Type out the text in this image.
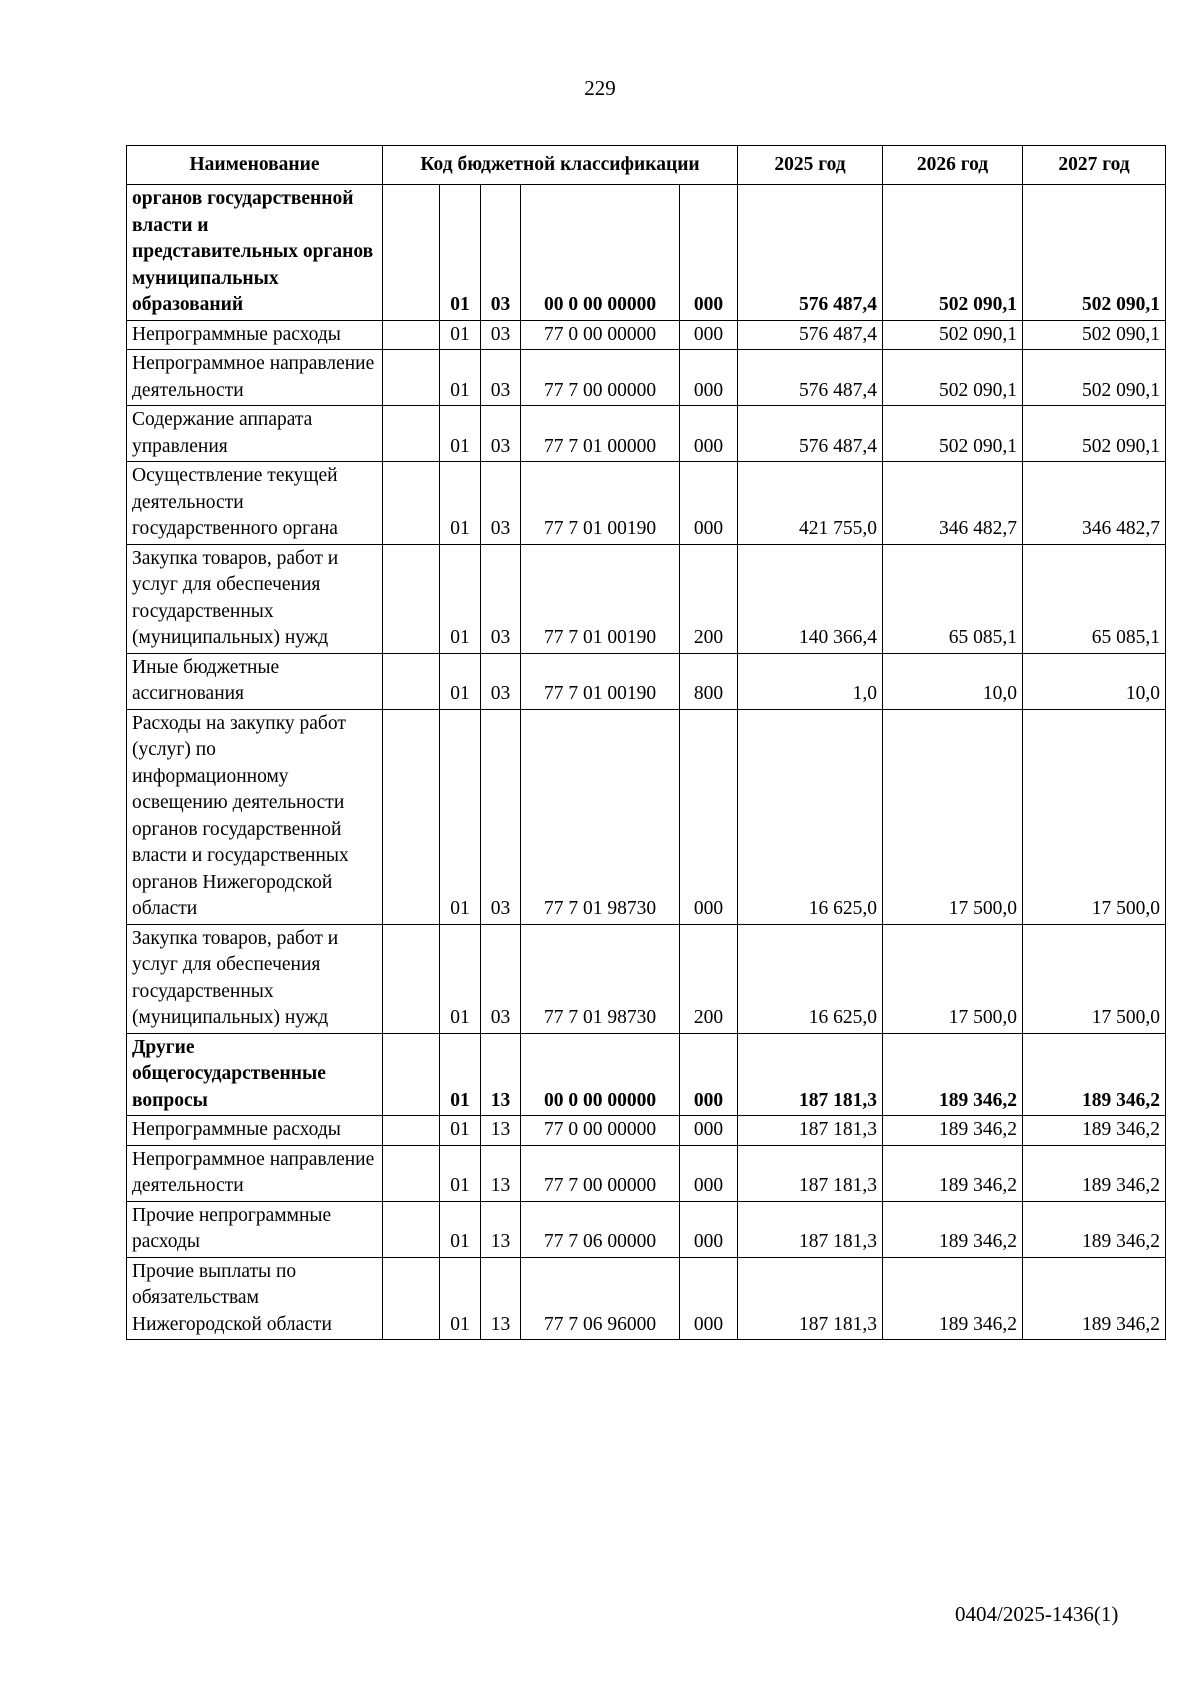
229
Наименование	Код бюджетной классификации					2025 год	2026 год	2027 год
органов государственной власти и представительных органов муниципальных образований		01	03	00 0 00 00000	000	576 487,4	502 090,1	502 090,1
Непрограммные расходы		01	03	77 0 00 00000	000	576 487,4	502 090,1	502 090,1
Непрограммное направление деятельности		01	03	77 7 00 00000	000	576 487,4	502 090,1	502 090,1
Содержание аппарата управления		01	03	77 7 01 00000	000	576 487,4	502 090,1	502 090,1
Осуществление текущей деятельности государственного органа		01	03	77 7 01 00190	000	421 755,0	346 482,7	346 482,7
Закупка товаров, работ и услуг для обеспечения государственных (муниципальных) нужд		01	03	77 7 01 00190	200	140 366,4	65 085,1	65 085,1
Иные бюджетные ассигнования		01	03	77 7 01 00190	800	1,0	10,0	10,0
Расходы на закупку работ (услуг) по информационному освещению деятельности органов государственной власти и государственных органов Нижегородской области		01	03	77 7 01 98730	000	16 625,0	17 500,0	17 500,0
Закупка товаров, работ и услуг для обеспечения государственных (муниципальных) нужд		01	03	77 7 01 98730	200	16 625,0	17 500,0	17 500,0
Другие общегосударственные вопросы		01	13	00 0 00 00000	000	187 181,3	189 346,2	189 346,2
Непрограммные расходы		01	13	77 0 00 00000	000	187 181,3	189 346,2	189 346,2
Непрограммное направление деятельности		01	13	77 7 00 00000	000	187 181,3	189 346,2	189 346,2
Прочие непрограммные расходы		01	13	77 7 06 00000	000	187 181,3	189 346,2	189 346,2
Прочие выплаты по обязательствам Нижегородской области		01	13	77 7 06 96000	000	187 181,3	189 346,2	189 346,2
0404/2025-1436(1)
